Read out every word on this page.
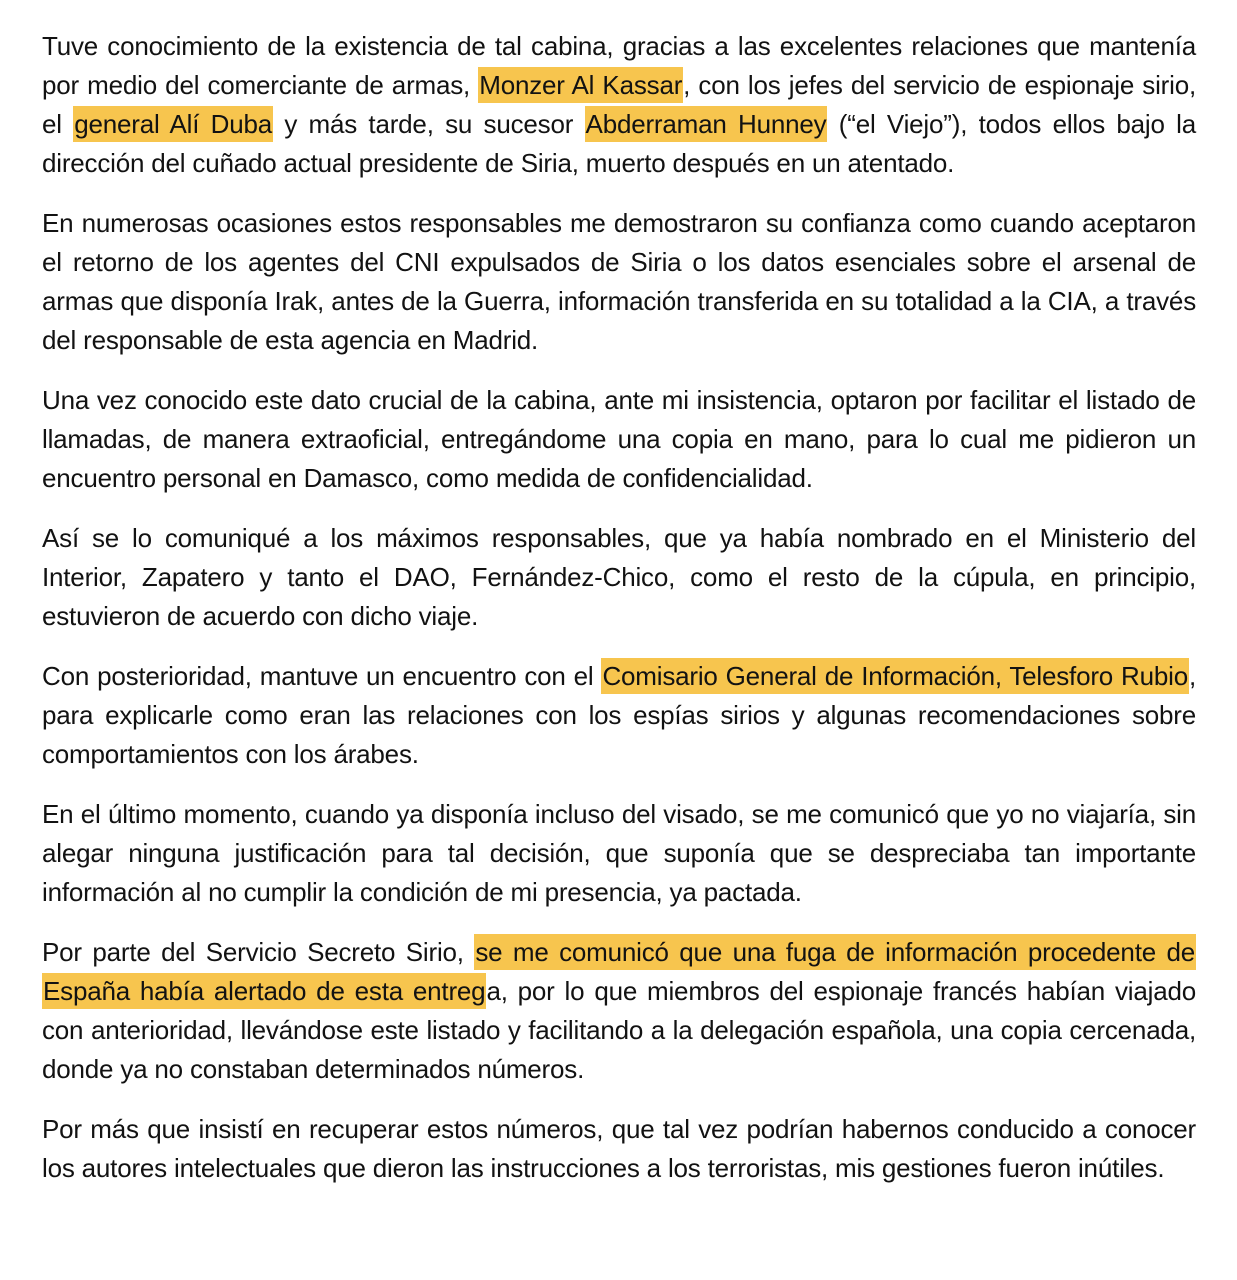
Tuve conocimiento de la existencia de tal cabina, gracias a las excelentes relaciones que mantenía por medio del comerciante de armas, Monzer Al Kassar, con los jefes del servicio de espionaje sirio, el general Alí Duba y más tarde, su sucesor Abderraman Hunney (“el Viejo”), todos ellos bajo la dirección del cuñado actual presidente de Siria, muerto después en un atentado.

En numerosas ocasiones estos responsables me demostraron su confianza como cuando aceptaron el retorno de los agentes del CNI expulsados de Siria o los datos esenciales sobre el arsenal de armas que disponía Irak, antes de la Guerra, información transferida en su totalidad a la CIA, a través del responsable de esta agencia en Madrid.

Una vez conocido este dato crucial de la cabina, ante mi insistencia, optaron por facilitar el listado de llamadas, de manera extraoficial, entregándome una copia en mano, para lo cual me pidieron un encuentro personal en Damasco, como medida de confidencialidad.

Así se lo comuniqué a los máximos responsables, que ya había nombrado en el Ministerio del Interior, Zapatero y tanto el DAO, Fernández-Chico, como el resto de la cúpula, en principio, estuvieron de acuerdo con dicho viaje.

Con posterioridad, mantuve un encuentro con el Comisario General de Información, Telesforo Rubio, para explicarle como eran las relaciones con los espías sirios y algunas recomendaciones sobre comportamientos con los árabes.

En el último momento, cuando ya disponía incluso del visado, se me comunicó que yo no viajaría, sin alegar ninguna justificación para tal decisión, que suponía que se despreciaba tan importante información al no cumplir la condición de mi presencia, ya pactada.

Por parte del Servicio Secreto Sirio, se me comunicó que una fuga de información procedente de España había alertado de esta entrega, por lo que miembros del espionaje francés habían viajado con anterioridad, llevándose este listado y facilitando a la delegación española, una copia cercenada, donde ya no constaban determinados números.

Por más que insistí en recuperar estos números, que tal vez podrían habernos conducido a conocer los autores intelectuales que dieron las instrucciones a los terroristas, mis gestiones fueron inútiles.
